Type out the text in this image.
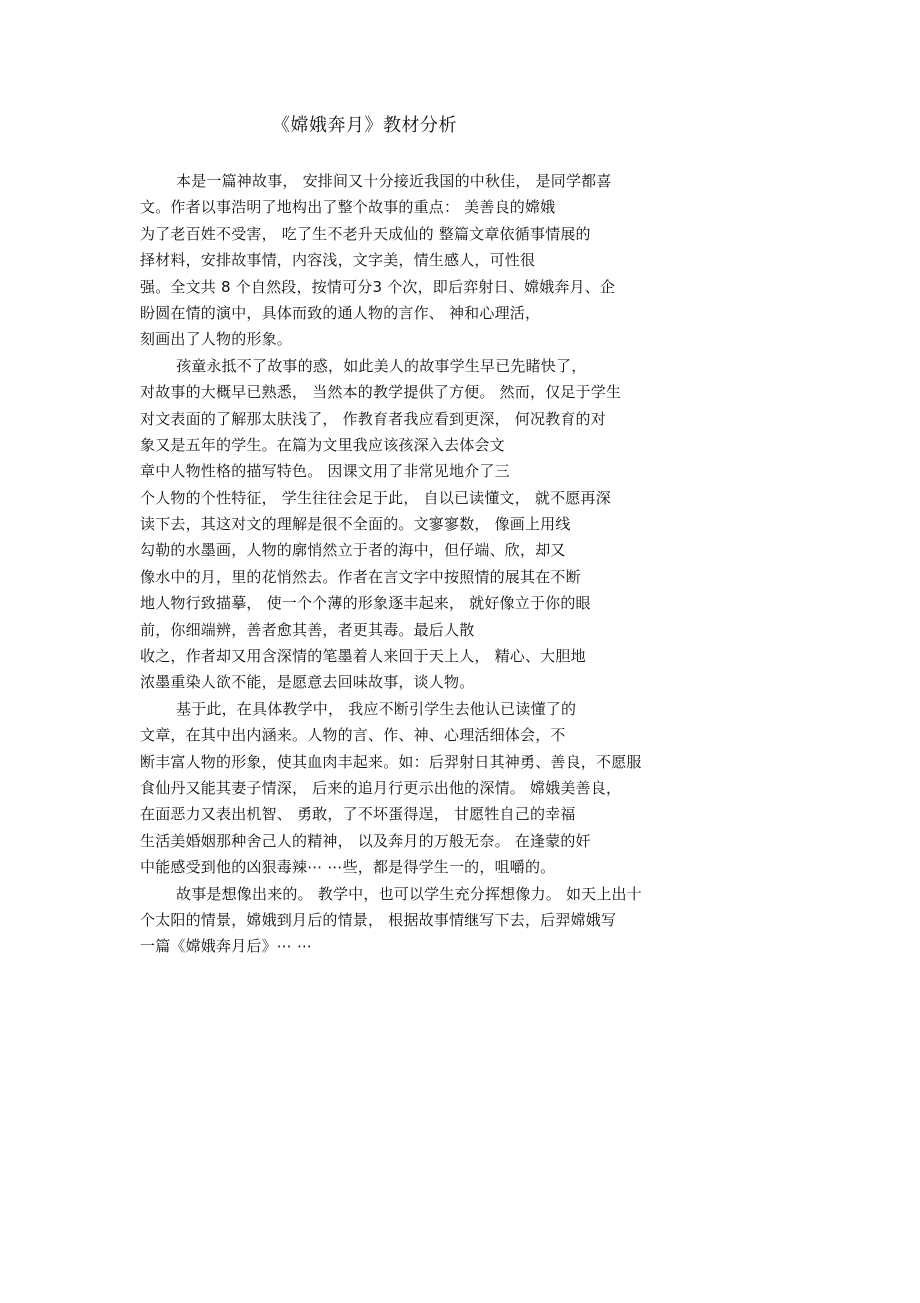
《嫦娥奔月》教材分析
本是一篇神故事， 安排间又十分接近我国的中秋佳， 是同学都喜
文。作者以事浩明了地构出了整个故事的重点： 美善良的嫦娥
为了老百姓不受害， 吃了生不老升天成仙的 整篇文章依循事情展的
择材料，安排故事情，内容浅，文字美，情生感人，可性很
强。全文共 8 个自然段，按情可分3 个次，即后弈射日、嫦娥奔月、企
盼圆在情的演中，具体而致的通人物的言作、 神和心理活，
刻画出了人物的形象。
孩童永抵不了故事的惑，如此美人的故事学生早已先睹快了，
对故事的大概早已熟悉， 当然本的教学提供了方便。 然而，仅足于学生
对文表面的了解那太肤浅了， 作教育者我应看到更深， 何况教育的对
象又是五年的学生。在篇为文里我应该孩深入去体会文
章中人物性格的描写特色。 因课文用了非常见地介了三
个人物的个性特征， 学生往往会足于此， 自以已读懂文， 就不愿再深
读下去，其这对文的理解是很不全面的。文寥寥数， 像画上用线
勾勒的水墨画，人物的廓悄然立于者的海中，但仔端、欣，却又
像水中的月，里的花悄然去。作者在言文字中按照情的展其在不断
地人物行致描摹， 使一个个薄的形象逐丰起来， 就好像立于你的眼
前，你细端辨，善者愈其善，者更其毒。最后人散
收之，作者却又用含深情的笔墨着人来回于天上人， 精心、大胆地
浓墨重染人欲不能，是愿意去回味故事，谈人物。
基于此，在具体教学中， 我应不断引学生去他认已读懂了的
文章，在其中出内涵来。人物的言、作、神、心理活细体会，不
断丰富人物的形象，使其血肉丰起来。如：后羿射日其神勇、善良，不愿服
食仙丹又能其妻子情深， 后来的追月行更示出他的深情。 嫦娥美善良，
在面恶力又表出机智、 勇敢，了不坏蛋得逞， 甘愿牲自己的幸福
生活美婚姻那种舍己人的精神， 以及奔月的万般无奈。 在逢蒙的奸
中能感受到他的凶狠毒辣⋯ ⋯些，都是得学生一的，咀嚼的。
故事是想像出来的。 教学中，也可以学生充分挥想像力。 如天上出十
个太阳的情景，嫦娥到月后的情景， 根据故事情继写下去，后羿嫦娥写
一篇《嫦娥奔月后》⋯ ⋯
